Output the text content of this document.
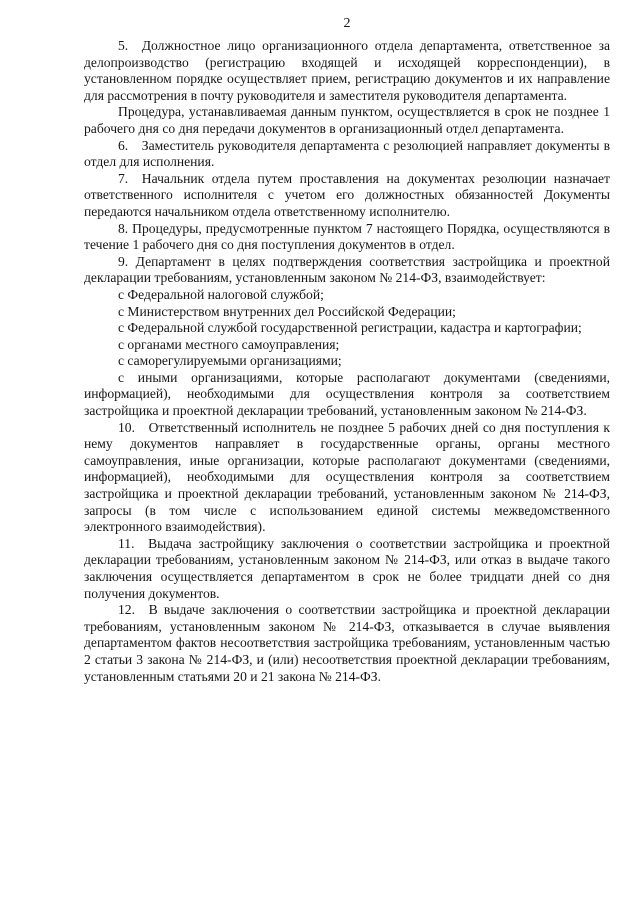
2

5. Должностное лицо организационного отдела департамента, ответственное за делопроизводство (регистрацию входящей и исходящей корреспонденции), в установленном порядке осуществляет прием, регистрацию документов и их направление для рассмотрения в почту руководителя и заместителя руководителя департамента.

Процедура, устанавливаемая данным пунктом, осуществляется в срок не позднее 1 рабочего дня со дня передачи документов в организационный отдел департамента.

6. Заместитель руководителя департамента с резолюцией направляет документы в отдел для исполнения.

7. Начальник отдела путем проставления на документах резолюции назначает ответственного исполнителя с учетом его должностных обязанностей Документы передаются начальником отдела ответственному исполнителю.

8. Процедуры, предусмотренные пунктом 7 настоящего Порядка, осуществляются в течение 1 рабочего дня со дня поступления документов в отдел.

9. Департамент в целях подтверждения соответствия застройщика и проектной декларации требованиям, установленным законом № 214-ФЗ, взаимодействует:

с Федеральной налоговой службой;

с Министерством внутренних дел Российской Федерации;

с Федеральной службой государственной регистрации, кадастра и картографии;

с органами местного самоуправления;

с саморегулируемыми организациями;

с иными организациями, которые располагают документами (сведениями, информацией), необходимыми для осуществления контроля за соответствием застройщика и проектной декларации требований, установленным законом № 214-ФЗ.

10. Ответственный исполнитель не позднее 5 рабочих дней со дня поступления к нему документов направляет в государственные органы, органы местного самоуправления, иные организации, которые располагают документами (сведениями, информацией), необходимыми для осуществления контроля за соответствием застройщика и проектной декларации требований, установленным законом № 214-ФЗ, запросы (в том числе с использованием единой системы межведомственного электронного взаимодействия).

11. Выдача застройщику заключения о соответствии застройщика и проектной декларации требованиям, установленным законом № 214-ФЗ, или отказ в выдаче такого заключения осуществляется департаментом в срок не более тридцати дней со дня получения документов.

12. В выдаче заключения о соответствии застройщика и проектной декларации требованиям, установленным законом № 214-ФЗ, отказывается в случае выявления департаментом фактов несоответствия застройщика требованиям, установленным частью 2 статьи 3 закона № 214-ФЗ, и (или) несоответствия проектной декларации требованиям, установленным статьями 20 и 21 закона № 214-ФЗ.
